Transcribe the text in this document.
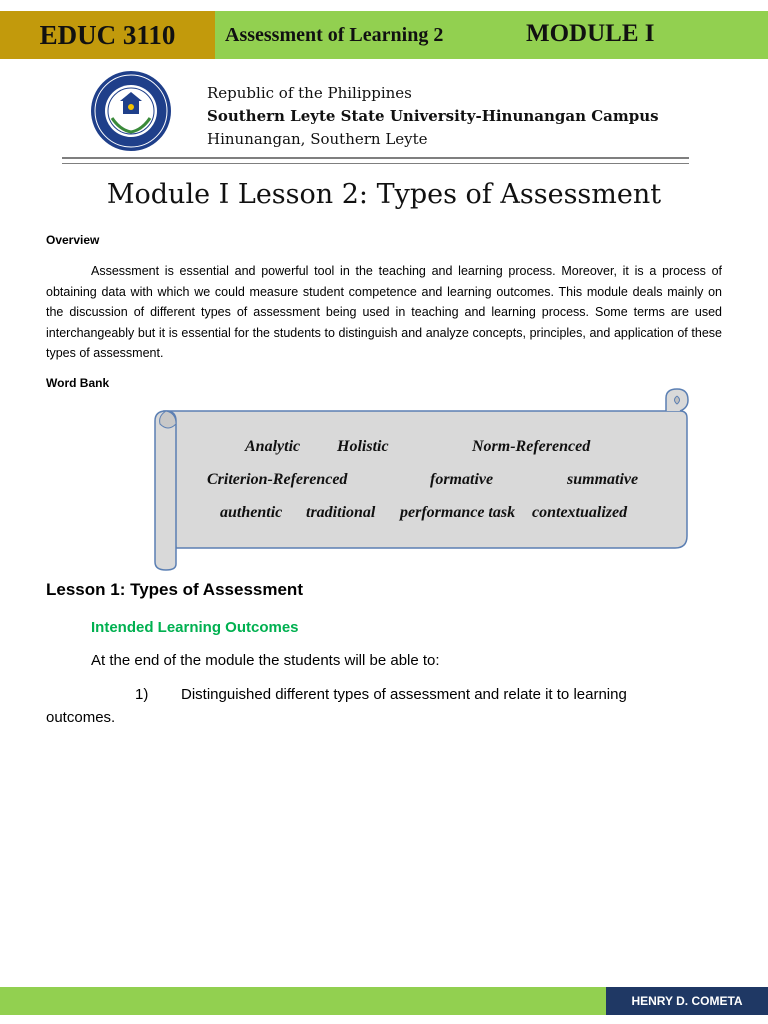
EDUC 3110	Assessment of Learning 2	MODULE I
Republic of the Philippines
Southern Leyte State University-Hinunangan Campus
Hinunangan, Southern Leyte
Module I Lesson 2: Types of Assessment
Overview

Assessment is essential and powerful tool in the teaching and learning process. Moreover, it is a process of obtaining data with which we could measure student competence and learning outcomes. This module deals mainly on the discussion of different types of assessment being used in teaching and learning process. Some terms are used interchangeably but it is essential for the students to distinguish and analyze concepts, principles, and application of these types of assessment.

Word Bank
Analytic Holistic	Norm-Referenced
Criterion-Referenced	formative	summative
authentic traditional performance task contextualized
Lesson 1: Types of Assessment
Intended Learning Outcomes
At the end of the module the students will be able to:
1) Distinguished different types of assessment and relate it to learning
outcomes.
HENRY D. COMETA
